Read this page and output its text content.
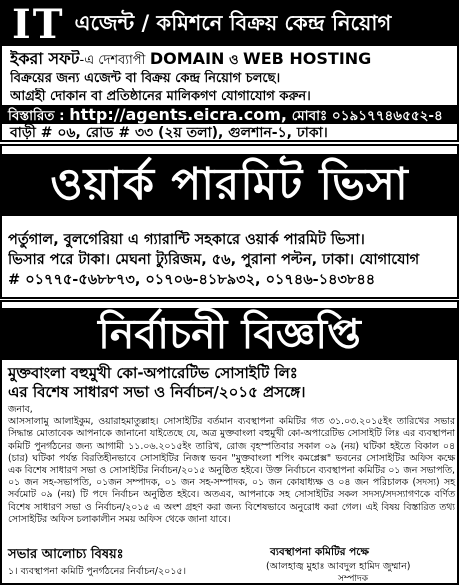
IT এজেন্ট / কমিশনে বিক্রয় কেন্দ্র নিয়োগ
ইকরা সফট-এ দেশব্যাপী DOMAIN ও WEB HOSTING
বিক্রয়ের জন্য এজেন্ট বা বিক্রয় কেন্দ্র নিয়োগ চলছে।
আগ্রহী দোকান বা প্রতিষ্ঠানের মালিকগণ যোগাযোগ করুন।
বিস্তারিত : http://agents.eicra.com, মোবাঃ ০১৯১৭৭৪৬৫৫২-৪
বাড়ী # ০৬, রোড # ৩৩ (২য় তলা), গুলশান-১, ঢাকা।
ওয়ার্ক পারমিট ভিসা
পর্তুগাল, বুলগেরিয়া এ গ্যারান্টি সহকারে ওয়ার্ক পারমিট ভিসা।
ভিসার পরে টাকা। মেঘনা ট্যুরিজম, ৫৬, পুরানা পল্টন, ঢাকা। যোগাযোগ
# ০১৭৭৫-৫৬৮৮৭৩, ০১৭০৬-৪১৮৯৩২, ০১৭৪৬-১৪৩৮৪৪
নির্বাচনী বিজ্ঞপ্তি
মুক্তবাংলা বহুমুখী কো-অপারেটিভ সোসাইটি লিঃ
এর বিশেষ সাধারণ সভা ও নির্বাচন/২০১৫ প্রসঙ্গে।

জনাব,

আসসালামু আলাইকুম, ওয়ারাহমাতুল্লাহ। সোসাইটির বর্তমান ব্যবস্থাপনা কমিটির গত ৩১.০৩.২০১৫ইং তারিখের সভার সিদ্ধান্ত মোতাবেক আপনাকে জানানো যাইতেছে যে, অত্র মুক্তবাংলা বহুমুখী কো-অপারেটিভ সোসাইটি লিঃ এর ব্যবস্থাপনা কমিটি পুনর্গঠনের জন্য আগামী ১১.০৬.২০১৫ইং তারিখ, রোজ বৃহস্পতিবার সকাল ০৯ (নয়) ঘটিকা হইতে বিকাল ০৪ (চার) ঘটিকা পর্যন্ত বিরতিহীনভাবে সোসাইটির নিজস্ব ভবন "মুক্তবাংলা শপিং কমপ্লেক্স" ভবনের সোসাইটির অফিস কক্ষে এক বিশেষ সাধারণ সভা ও সোসাইটির নির্বাচন/২০১৫ অনুষ্ঠিত হইবে। উক্ত নির্বাচনে ব্যবস্থাপনা কমিটির ০১ জন সভাপতি, ০১ জন সহ-সভাপতি, ০১জন সম্পাদক, ০১ জন সহ-সম্পাদক, ০১ জন কোষাধ্যক্ষ ও ০৪ জন পরিচালক (সদস্য) সহ সর্বমোট ০৯ (নয়) টি পদে নির্বাচন অনুষ্ঠিত হইবে। অতএব, আপনাকে সহ সোসাইটির সকল সদস্য/সদস্যাগণকে বর্ণিত বিশেষ সাধারণ সভা ও নির্বাচন/২০১৫ এ অংশ গ্রহণ করা জন্য বিশেষভাবে অনুরোধ করা গেল। এই বিষয় বিস্তারিত তথ্য সোসাইটির অফিস চলাকালীন সময় অফিস থেকে জানা যাবে।

সভার আলোচ্য বিষয়ঃ
১। ব্যবস্থাপনা কমিটি পুনর্গঠনের নির্বাচন/২০১৫।
ব্যবস্থাপনা কমিটির পক্ষে
(আলহাজ্ব মুহাঃ আবদুল হামিদ জুম্মান)
সম্পাদক
